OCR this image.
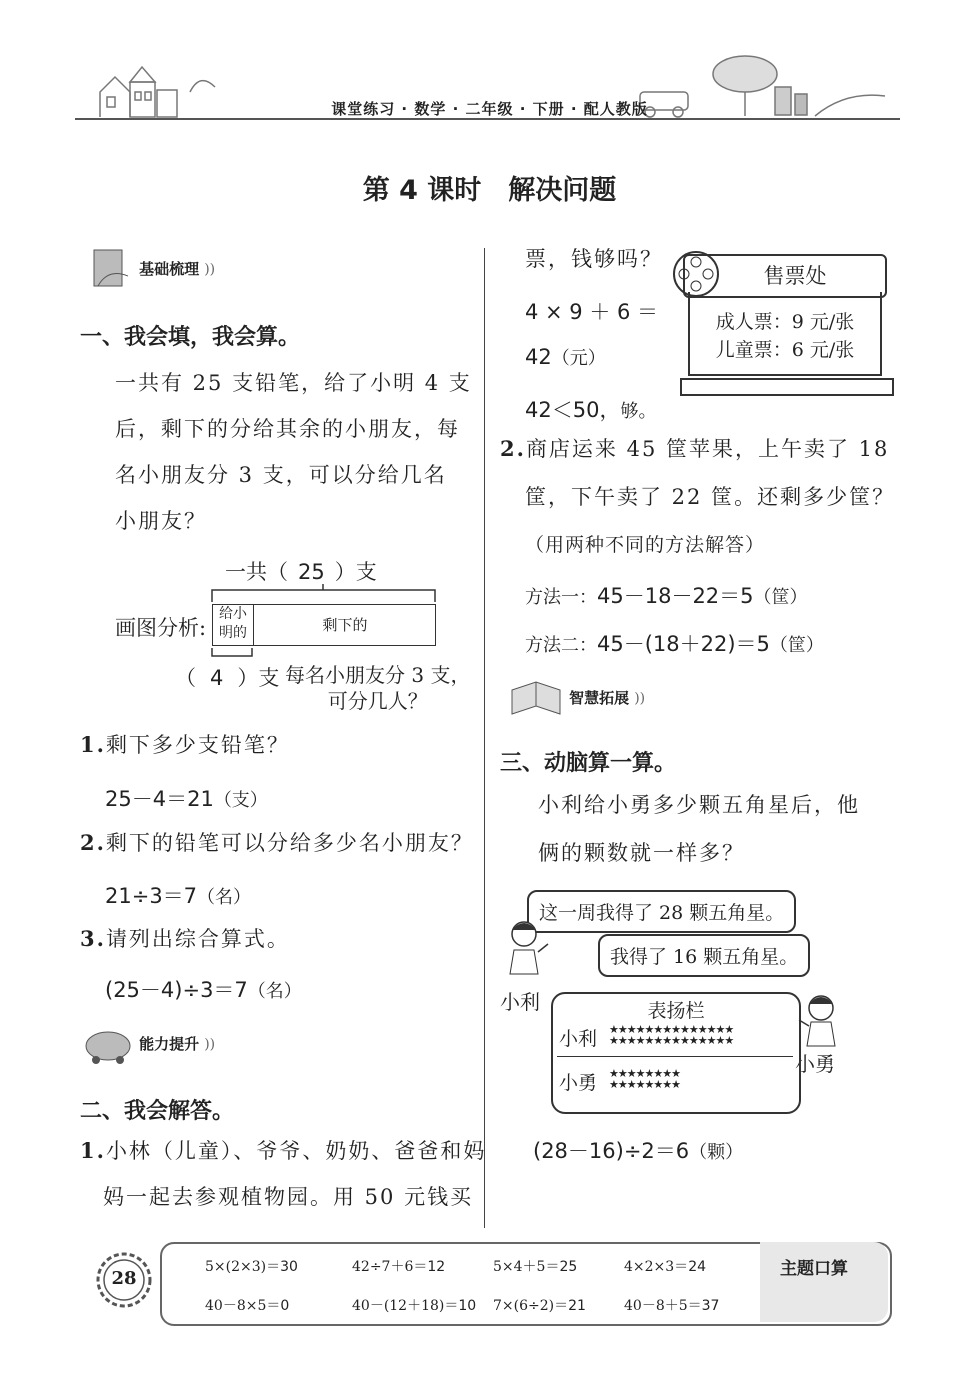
课堂练习 · 数学 · 二年级 · 下册 · 配人教版
第 4 课时　解决问题
基础梳理 ))
一、我会填，我会算。
一共有 25 支铅笔，给了小明 4 支
后，剩下的分给其余的小朋友，每
名小朋友分 3 支，可以分给几名
小朋友？
一共（ 25 ）支
画图分析:
给小
明的	剩下的
（ 4 ）支 每名小朋友分 3 支，
可分几人？
1.剩下多少支铅笔？
25－4＝21（支）
2.剩下的铅笔可以分给多少名小朋友？
21÷3＝7（名）
3.请列出综合算式。
(25－4)÷3＝7（名）
能力提升 ))
二、我会解答。
1.小林（儿童）、爷爷、奶奶、爸爸和妈
妈一起去参观植物园。用 50 元钱买
票，钱够吗？
4 × 9 ＋ 6 ＝
42（元）
42＜50，够。
售票处
成人票：9 元/张
儿童票：6 元/张
2.商店运来 45 筐苹果，上午卖了 18
筐，下午卖了 22 筐。还剩多少筐？
（用两种不同的方法解答）
方法一：45－18－22＝5（筐）
方法二：45－(18＋22)＝5（筐）
智慧拓展 ))
三、动脑算一算。
小利给小勇多少颗五角星后，他
俩的颗数就一样多？
这一周我得了 28 颗五角星。
我得了 16 颗五角星。
小利
小勇
表扬栏
小利 ★★★★★★★★★★★★★★
★★★★★★★★★★★★★★
小勇 ★★★★★★★★
★★★★★★★★
(28－16)÷2＝6（颗）
28	主题口算
5×(2×3)＝30	42÷7＋6＝12	5×4＋5＝25	4×2×3＝24
40－8×5＝0	40－(12＋18)＝10 7×(6÷2)＝21	40－8＋5＝37
